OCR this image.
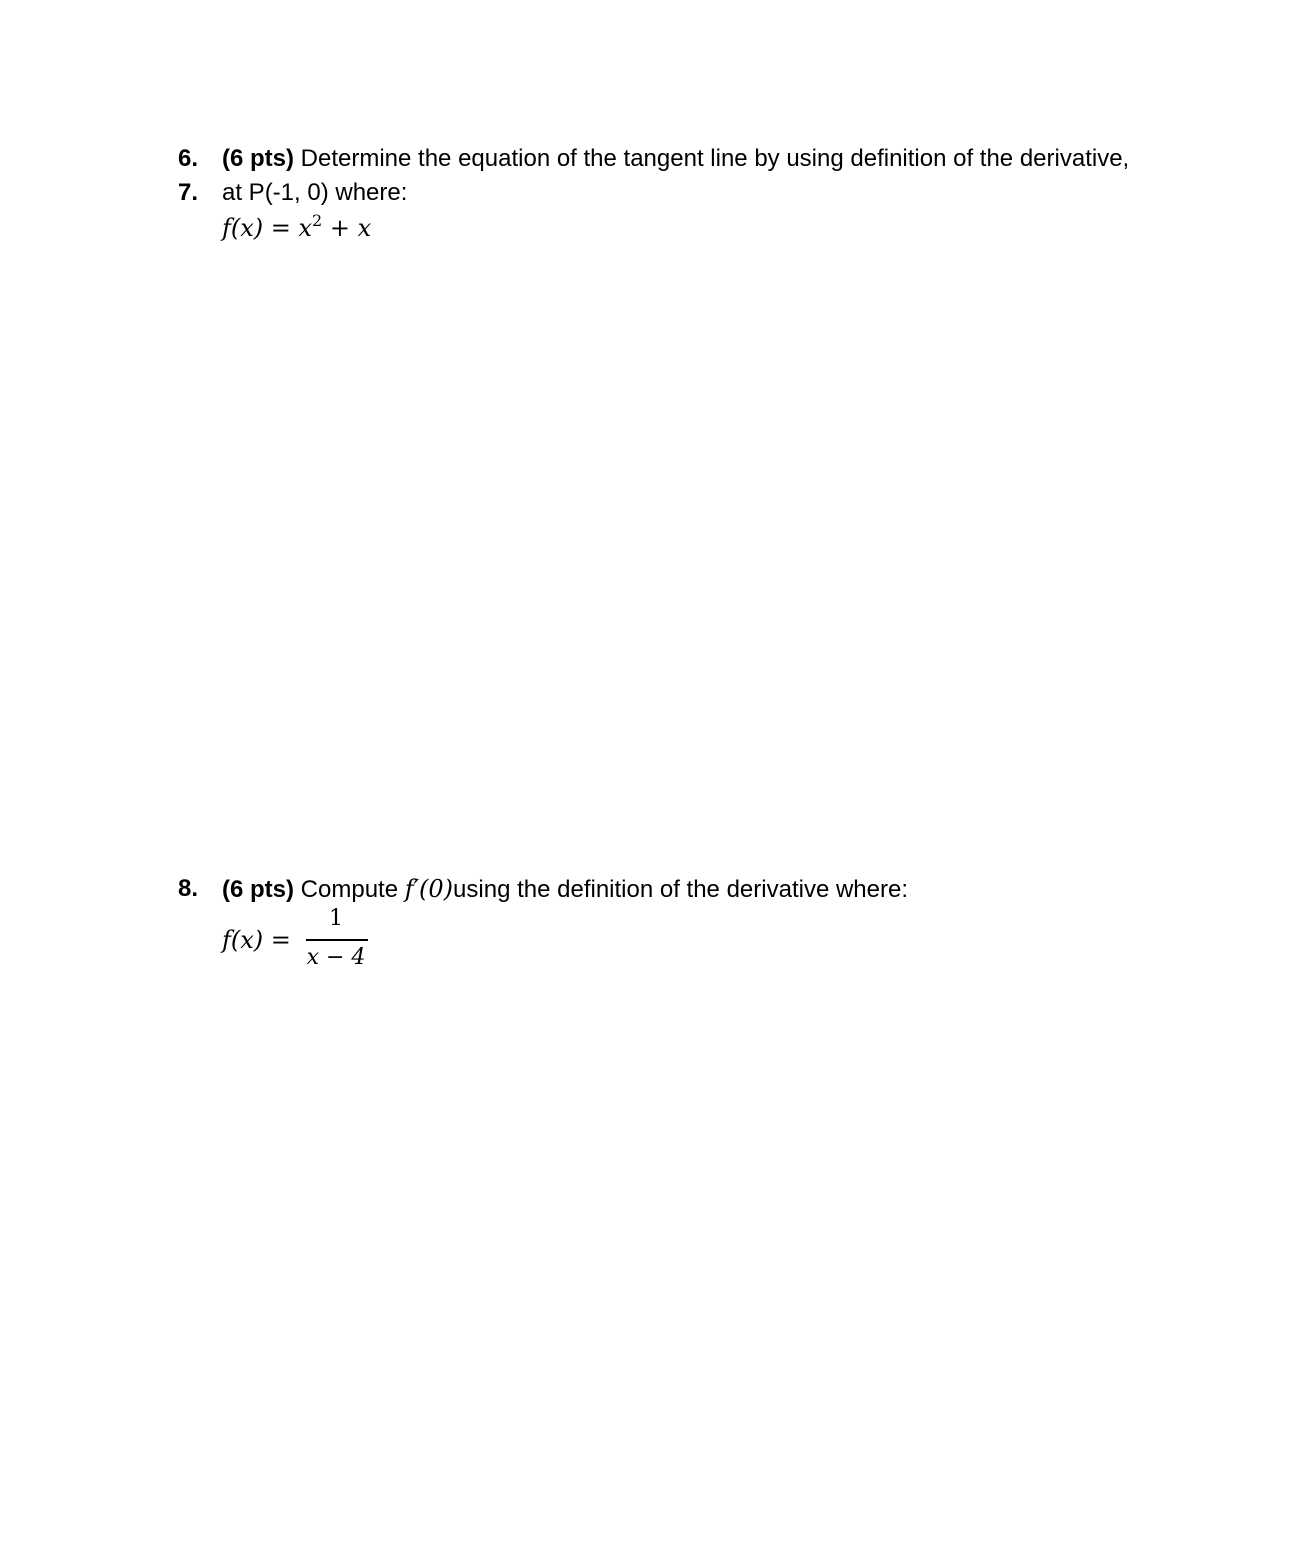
6. (6 pts) Determine the equation of the tangent line by using definition of the derivative,
7. at P(-1, 0) where:
$f(x) = x^2 + x$
8. (6 pts) Compute f′(0)using the definition of the derivative where:
f(x) =
1
x − 4
